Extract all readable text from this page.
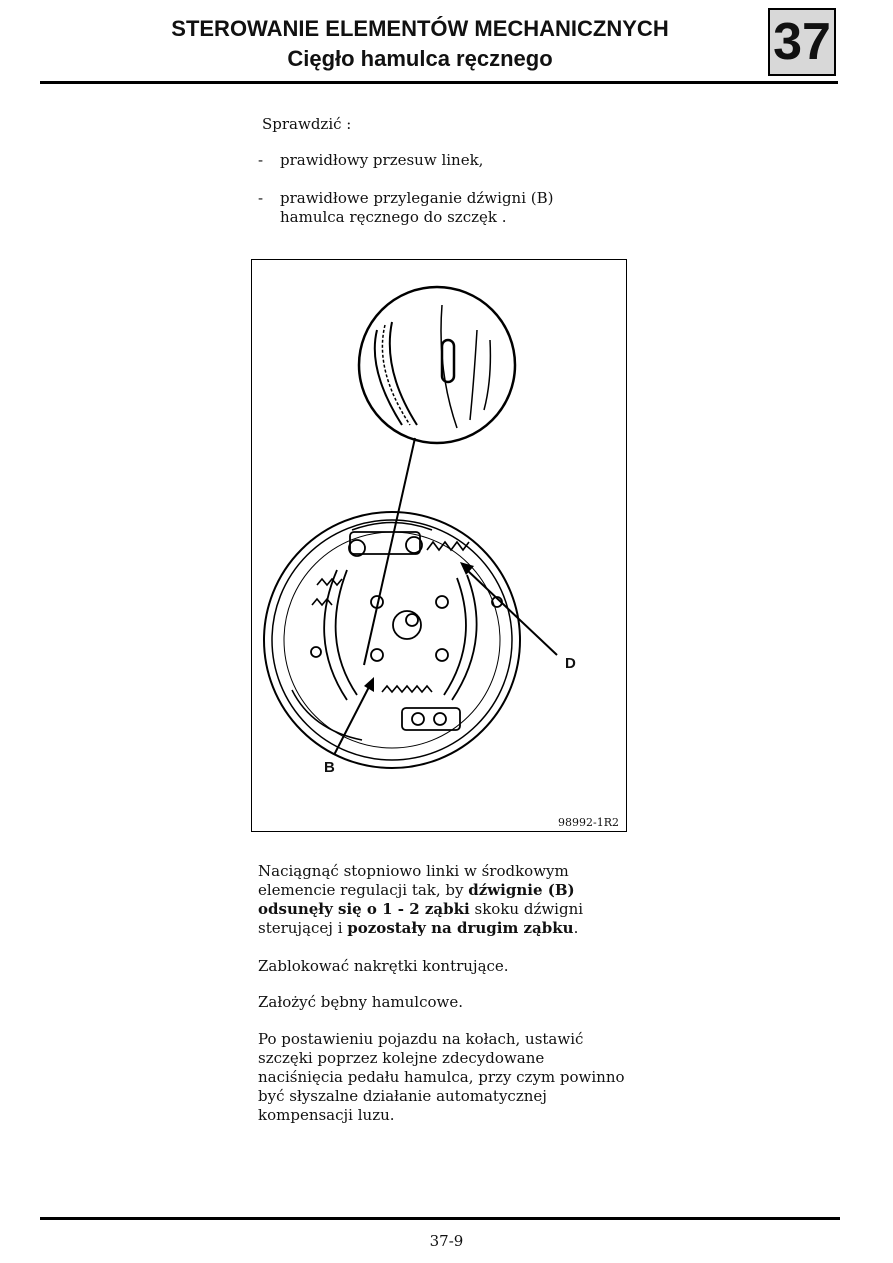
STEROWANIE ELEMENTÓW MECHANICZNYCH
Cięgło hamulca ręcznego	37
Sprawdzić :
- prawidłowy przesuw linek,
- prawidłowe przyleganie dźwigni (B) hamulca ręcznego do szczęk .
D
B
98992-1R2
Naciągnąć stopniowo linki w środkowym elemencie regulacji tak, by dźwignie (B) odsunęły się o 1 - 2 ząbki skoku dźwigni sterującej i pozostały na drugim ząbku.
Zablokować nakrętki kontrujące.
Założyć bębny hamulcowe.
Po postawieniu pojazdu na kołach, ustawić szczęki poprzez kolejne zdecydowane naciśnięcia pedału hamulca, przy czym powinno być słyszalne działanie automatycznej kompensacji luzu.
37-9
